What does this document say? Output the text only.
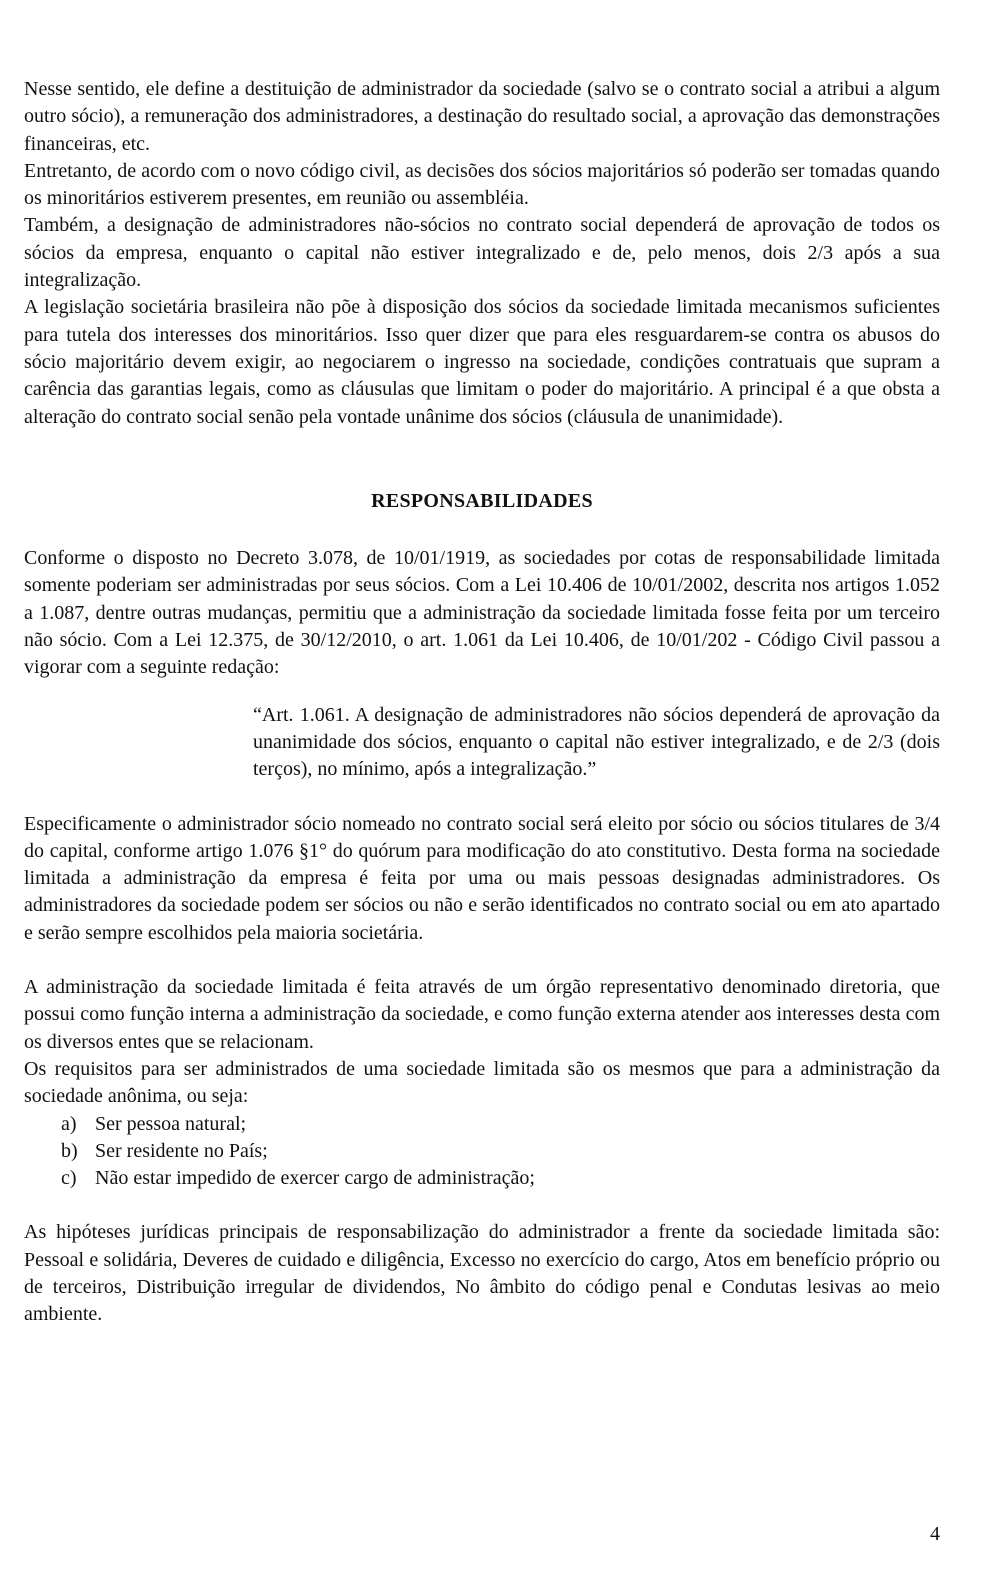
Nesse sentido, ele define a destituição de administrador da sociedade (salvo se o contrato social a atribui a algum outro sócio), a remuneração dos administradores, a destinação do resultado social, a aprovação das demonstrações financeiras, etc.

Entretanto, de acordo com o novo código civil, as decisões dos sócios majoritários só poderão ser tomadas quando os minoritários estiverem presentes, em reunião ou assembléia.

Também, a designação de administradores não-sócios no contrato social dependerá de aprovação de todos os sócios da empresa, enquanto o capital não estiver integralizado e de, pelo menos, dois 2/3 após a sua integralização.

A legislação societária brasileira não põe à disposição dos sócios da sociedade limitada mecanismos suficientes para tutela dos interesses dos minoritários. Isso quer dizer que para eles resguardarem-se contra os abusos do sócio majoritário devem exigir, ao negociarem o ingresso na sociedade, condições contratuais que supram a carência das garantias legais, como as cláusulas que limitam o poder do majoritário. A principal é a que obsta a alteração do contrato social senão pela vontade unânime dos sócios (cláusula de unanimidade).

RESPONSABILIDADES

Conforme o disposto no Decreto 3.078, de 10/01/1919, as sociedades por cotas de responsabilidade limitada somente poderiam ser administradas por seus sócios. Com a Lei 10.406 de 10/01/2002, descrita nos artigos 1.052 a 1.087, dentre outras mudanças, permitiu que a administração da sociedade limitada fosse feita por um terceiro não sócio. Com a Lei 12.375, de 30/12/2010, o art. 1.061 da Lei 10.406, de 10/01/202 - Código Civil passou a vigorar com a seguinte redação:

“Art. 1.061. A designação de administradores não sócios dependerá de aprovação da unanimidade dos sócios, enquanto o capital não estiver integralizado, e de 2/3 (dois terços), no mínimo, após a integralização.”

Especificamente o administrador sócio nomeado no contrato social será eleito por sócio ou sócios titulares de 3/4 do capital, conforme artigo 1.076 §1° do quórum para modificação do ato constitutivo. Desta forma na sociedade limitada a administração da empresa é feita por uma ou mais pessoas designadas administradores. Os administradores da sociedade podem ser sócios ou não e serão identificados no contrato social ou em ato apartado e serão sempre escolhidos pela maioria societária.

A administração da sociedade limitada é feita através de um órgão representativo denominado diretoria, que possui como função interna a administração da sociedade, e como função externa atender aos interesses desta com os diversos entes que se relacionam.

Os requisitos para ser administrados de uma sociedade limitada são os mesmos que para a administração da sociedade anônima, ou seja:

a) Ser pessoa natural;
b) Ser residente no País;
c) Não estar impedido de exercer cargo de administração;

As hipóteses jurídicas principais de responsabilização do administrador a frente da sociedade limitada são: Pessoal e solidária, Deveres de cuidado e diligência, Excesso no exercício do cargo, Atos em benefício próprio ou de terceiros, Distribuição irregular de dividendos, No âmbito do código penal e Condutas lesivas ao meio ambiente.

4
